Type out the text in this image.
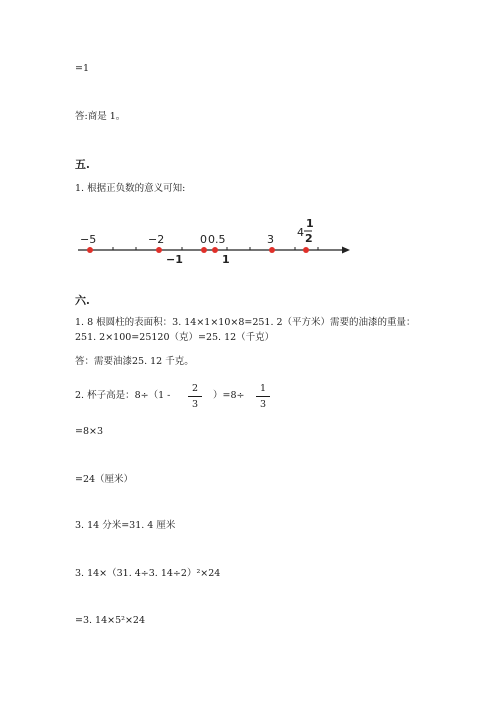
=1
答:商是 1。
五.
1. 根据正负数的意义可知:
−5	−2	0 0.5	3
4
1
2
−1	1
六.
1. 8 根圆柱的表面积：3. 14×1×10×8=251. 2（平方米）需要的油漆的重量：
251. 2×100=25120（克）=25. 12（千克）
答：需要油漆25. 12 千克。
2. 杯子高是：8÷（1 -
2
3
）=8÷
1
3
=8×3
=24（厘米）
3. 14 分米=31. 4 厘米
3. 14×（31. 4÷3. 14÷2）²×24
=3. 14×5²×24
